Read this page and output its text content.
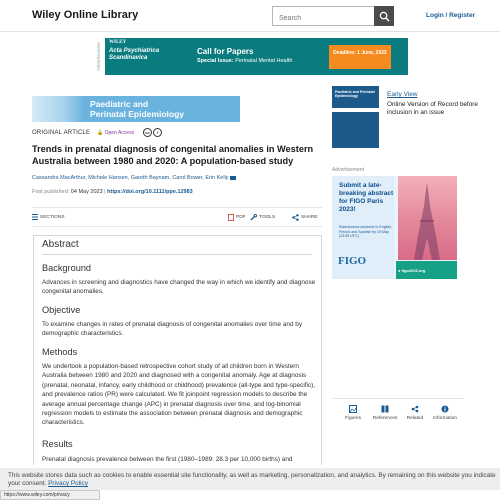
Wiley Online Library
Search	Login / Register
Advertisement
WILEY
Acta Psychiatrica Scandinavica
Call for Papers
Special Issue: Perinatal Mental Health
Deadline: 1 June, 2022
Paediatric and
Perinatal Epidemiology
ORIGINAL ARTICLE 🔓 Open Access	cc	i
Trends in prenatal diagnosis of congenital anomalies in Western Australia between 1980 and 2020: A population-based study
Cassandra MacArthur, Michele Hansen, Gareth Baynam, Carol Bower, Erin Kelly
First published: 04 May 2023 | https://doi.org/10.1111/ppe.12983
SECTIONS	PDF	TOOLS	SHARE
Abstract
Background
Advances in screening and diagnostics have changed the way in which we identify and diagnose congenital anomalies.
Objective
To examine changes in rates of prenatal diagnosis of congenital anomalies over time and by demographic characteristics.
Methods
We undertook a population-based retrospective cohort study of all children born in Western Australia between 1980 and 2020 and diagnosed with a congenital anomaly. Age at diagnosis (prenatal, neonatal, infancy, early childhood or childhood) prevalence (all-type and type-specific), and prevalence ratios (PR) were calculated. We fit joinpoint regression models to describe the average annual percentage change (APC) in prenatal diagnosis over time, and log-binomial regression models to estimate the association between prenatal diagnosis and demographic characteristics.
Results
Prenatal diagnosis prevalence between the first (1980–1989: 28.3 per 10,000 births) and
Paediatric and Perinatal Epidemiology	Early View
Online Version of Record before inclusion in an issue
Advertisement
Submit a late-breaking abstract for FIGO Paris 2023!
Submissions welcome in English, French and Spanish by 15 May (23:59 UTC)
FIGO
● figo2023.org
Figures	References	Related	Information

This website stores data such as cookies to enable essential site functionality, as well as marketing, personalization, and analytics. By remaining on this website you indicate your consent. Privacy Policy

https://www.wiley.com/privacy
